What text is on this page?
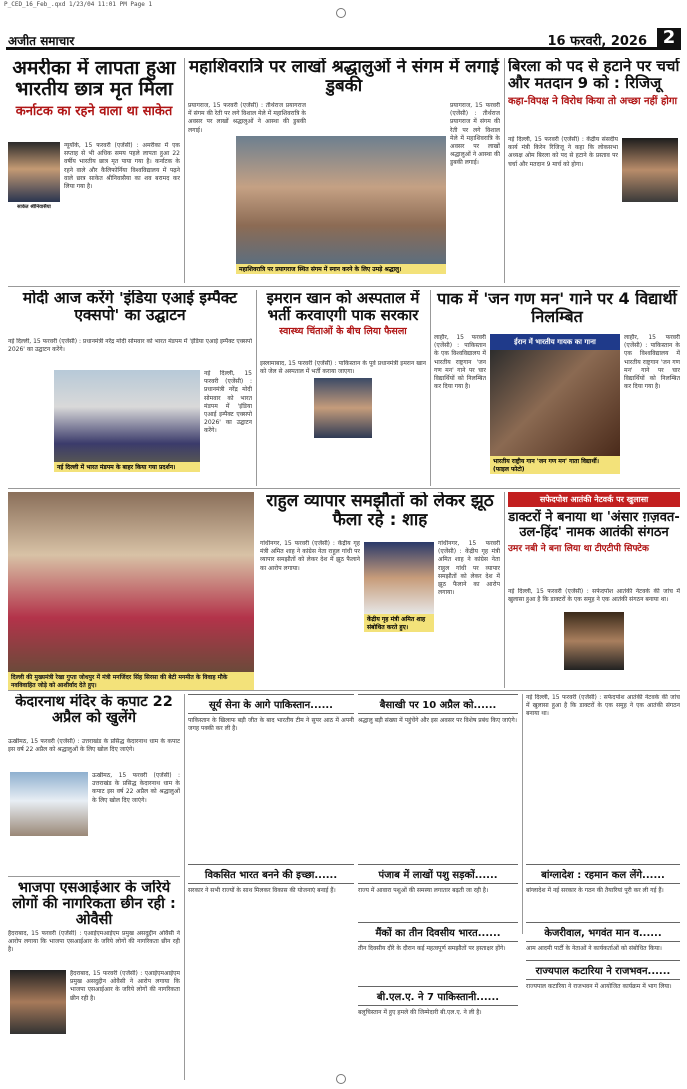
P_CED_16_Feb_.qxd 1/23/04 11:01 PM Page 1
अजीत समाचार	16 फरवरी, 2026 2
अमरीका में लापता हुआ भारतीय छात्र मृत मिला
कर्नाटक का रहने वाला था साकेत
साकेत श्रीनिवासैया
न्यूयॉर्क, 15 फरवरी (एजेंसी) : अमरीका में एक सप्ताह से भी अधिक समय पहले लापता हुआ 22 वर्षीय भारतीय छात्र मृत पाया गया है। कर्नाटक के रहने वाले और कैलिफोर्निया विश्वविद्यालय में पढ़ने वाले छात्र साकेत श्रीनिवासैया का शव बरामद कर लिया गया है।
महाशिवरात्रि पर लाखों श्रद्धालुओं ने संगम में लगाई डुबकी
प्रयागराज, 15 फरवरी (एजेंसी) : तीर्थराज प्रयागराज में संगम की रेती पर लगे विशाल मेले में महाशिवरात्रि के अवसर पर लाखों श्रद्धालुओं ने आस्था की डुबकी लगाई।
महाशिवरात्रि पर प्रयागराज स्थित संगम में स्नान करने के लिए उमड़े श्रद्धालु।
प्रयागराज, 15 फरवरी (एजेंसी) : तीर्थराज प्रयागराज में संगम की रेती पर लगे विशाल मेले में महाशिवरात्रि के अवसर पर लाखों श्रद्धालुओं ने आस्था की डुबकी लगाई।
बिरला को पद से हटाने पर चर्चा और मतदान 9 को : रिजिजू
कहा-विपक्ष ने विरोध किया तो अच्छा नहीं होगा
नई दिल्ली, 15 फरवरी (एजेंसी) : केंद्रीय संसदीय कार्य मंत्री किरेन रिजिजू ने कहा कि लोकसभा अध्यक्ष ओम बिरला को पद से हटाने के प्रस्ताव पर चर्चा और मतदान 9 मार्च को होगा।
मोदी आज करेंगे 'इंडिया एआई इम्पैक्ट एक्सपो' का उद्घाटन
नई दिल्ली, 15 फरवरी (एजेंसी) : प्रधानमंत्री नरेंद्र मोदी सोमवार को भारत मंडपम में 'इंडिया एआई इम्पैक्ट एक्सपो 2026' का उद्घाटन करेंगे।
नई दिल्ली में भारत मंडपम के बाहर किया गया प्रदर्शन।
नई दिल्ली, 15 फरवरी (एजेंसी) : प्रधानमंत्री नरेंद्र मोदी सोमवार को भारत मंडपम में 'इंडिया एआई इम्पैक्ट एक्सपो 2026' का उद्घाटन करेंगे।
इमरान खान को अस्पताल में भर्ती करवाएगी पाक सरकार
स्वास्थ्य चिंताओं के बीच लिया फैसला
इस्लामाबाद, 15 फरवरी (एजेंसी) : पाकिस्तान के पूर्व प्रधानमंत्री इमरान खान को जेल से अस्पताल में भर्ती कराया जाएगा।
पाक में 'जन गण मन' गाने पर 4 विद्यार्थी निलम्बित
लाहौर, 15 फरवरी (एजेंसी) : पाकिस्तान के एक विश्वविद्यालय में भारतीय राष्ट्रगान 'जन गण मन' गाने पर चार विद्यार्थियों को निलम्बित कर दिया गया है।
ईरान में भारतीय गायक का गाना
भारतीय राष्ट्रीय गान 'जन गण मन' गाता विद्यार्थी। (फाइल फोटो)
लाहौर, 15 फरवरी (एजेंसी) : पाकिस्तान के एक विश्वविद्यालय में भारतीय राष्ट्रगान 'जन गण मन' गाने पर चार विद्यार्थियों को निलम्बित कर दिया गया है।
दिल्ली की मुख्यमंत्री रेखा गुप्ता जोधपुर में मंत्री मनजिंदर सिंह सिरसा की बेटी मनमीत के विवाह मौके नवविवाहित जोड़े को आशीर्वाद देते हुए।
राहुल व्यापार समझौतों को लेकर झूठ फैला रहे : शाह
गांधीनगर, 15 फरवरी (एजेंसी) : केंद्रीय गृह मंत्री अमित शाह ने कांग्रेस नेता राहुल गांधी पर व्यापार समझौतों को लेकर देश में झूठ फैलाने का आरोप लगाया।
केंद्रीय गृह मंत्री अमित शाह संबोधित करते हुए।
गांधीनगर, 15 फरवरी (एजेंसी) : केंद्रीय गृह मंत्री अमित शाह ने कांग्रेस नेता राहुल गांधी पर व्यापार समझौतों को लेकर देश में झूठ फैलाने का आरोप लगाया।
सफेदपोश आतंकी नेटवर्क पर खुलासा
डाक्टरों ने बनाया था 'अंसार ग़ज़वत-उल-हिंद' नामक आतंकी संगठन
उमर नबी ने बना लिया था टीएटीपी सिफ्टेक
नई दिल्ली, 15 फरवरी (एजेंसी) : सफेदपोश आतंकी नेटवर्क की जांच में खुलासा हुआ है कि डाक्टरों के एक समूह ने एक आतंकी संगठन बनाया था।
केदारनाथ मंदिर के कपाट 22 अप्रैल को खुलेंगे
ऊखीमठ, 15 फरवरी (एजेंसी) : उत्तराखंड के प्रसिद्ध केदारनाथ धाम के कपाट इस वर्ष 22 अप्रैल को श्रद्धालुओं के लिए खोल दिए जाएंगे।
ऊखीमठ, 15 फरवरी (एजेंसी) : उत्तराखंड के प्रसिद्ध केदारनाथ धाम के कपाट इस वर्ष 22 अप्रैल को श्रद्धालुओं के लिए खोल दिए जाएंगे।
भाजपा एसआईआर के जरिये लोगों की नागरिकता छीन रही : ओवैसी
हैदराबाद, 15 फरवरी (एजेंसी) : एआईएमआईएम प्रमुख असदुद्दीन ओवैसी ने आरोप लगाया कि भाजपा एसआईआर के जरिये लोगों की नागरिकता छीन रही है।
हैदराबाद, 15 फरवरी (एजेंसी) : एआईएमआईएम प्रमुख असदुद्दीन ओवैसी ने आरोप लगाया कि भाजपा एसआईआर के जरिये लोगों की नागरिकता छीन रही है।
सूर्य सेना के आगे पाकिस्तान......
पाकिस्तान के खिलाफ बड़ी जीत के बाद भारतीय टीम ने सुपर आठ में अपनी जगह पक्की कर ली है।
बैसाखी पर 10 अप्रैल को......
श्रद्धालु बड़ी संख्या में पहुंचेंगे और इस अवसर पर विशेष प्रबंध किए जाएंगे।
विकसित भारत बनने की इच्छा......
सरकार ने सभी राज्यों के साथ मिलकर विकास की योजनाएं बनाई हैं।
पंजाब में लाखों पशु सड़कों......
राज्य में आवारा पशुओं की समस्या लगातार बढ़ती जा रही है।
मैंकों का तीन दिवसीय भारत......
तीन दिवसीय दौरे के दौरान कई महत्वपूर्ण समझौतों पर हस्ताक्षर होंगे।
बी.एल.ए. ने 7 पाकिस्तानी......
बलूचिस्तान में हुए हमले की जिम्मेदारी बी.एल.ए. ने ली है।
नई दिल्ली, 15 फरवरी (एजेंसी) : सफेदपोश आतंकी नेटवर्क की जांच में खुलासा हुआ है कि डाक्टरों के एक समूह ने एक आतंकी संगठन बनाया था।
बांग्लादेश : रहमान कल लेंगे......
बांग्लादेश में नई सरकार के गठन की तैयारियां पूरी कर ली गई हैं।
केजरीवाल, भगवंत मान व......
आम आदमी पार्टी के नेताओं ने कार्यकर्ताओं को संबोधित किया।
राज्यपाल कटारिया ने राजभवन......
राज्यपाल कटारिया ने राजभवन में आयोजित कार्यक्रम में भाग लिया।
